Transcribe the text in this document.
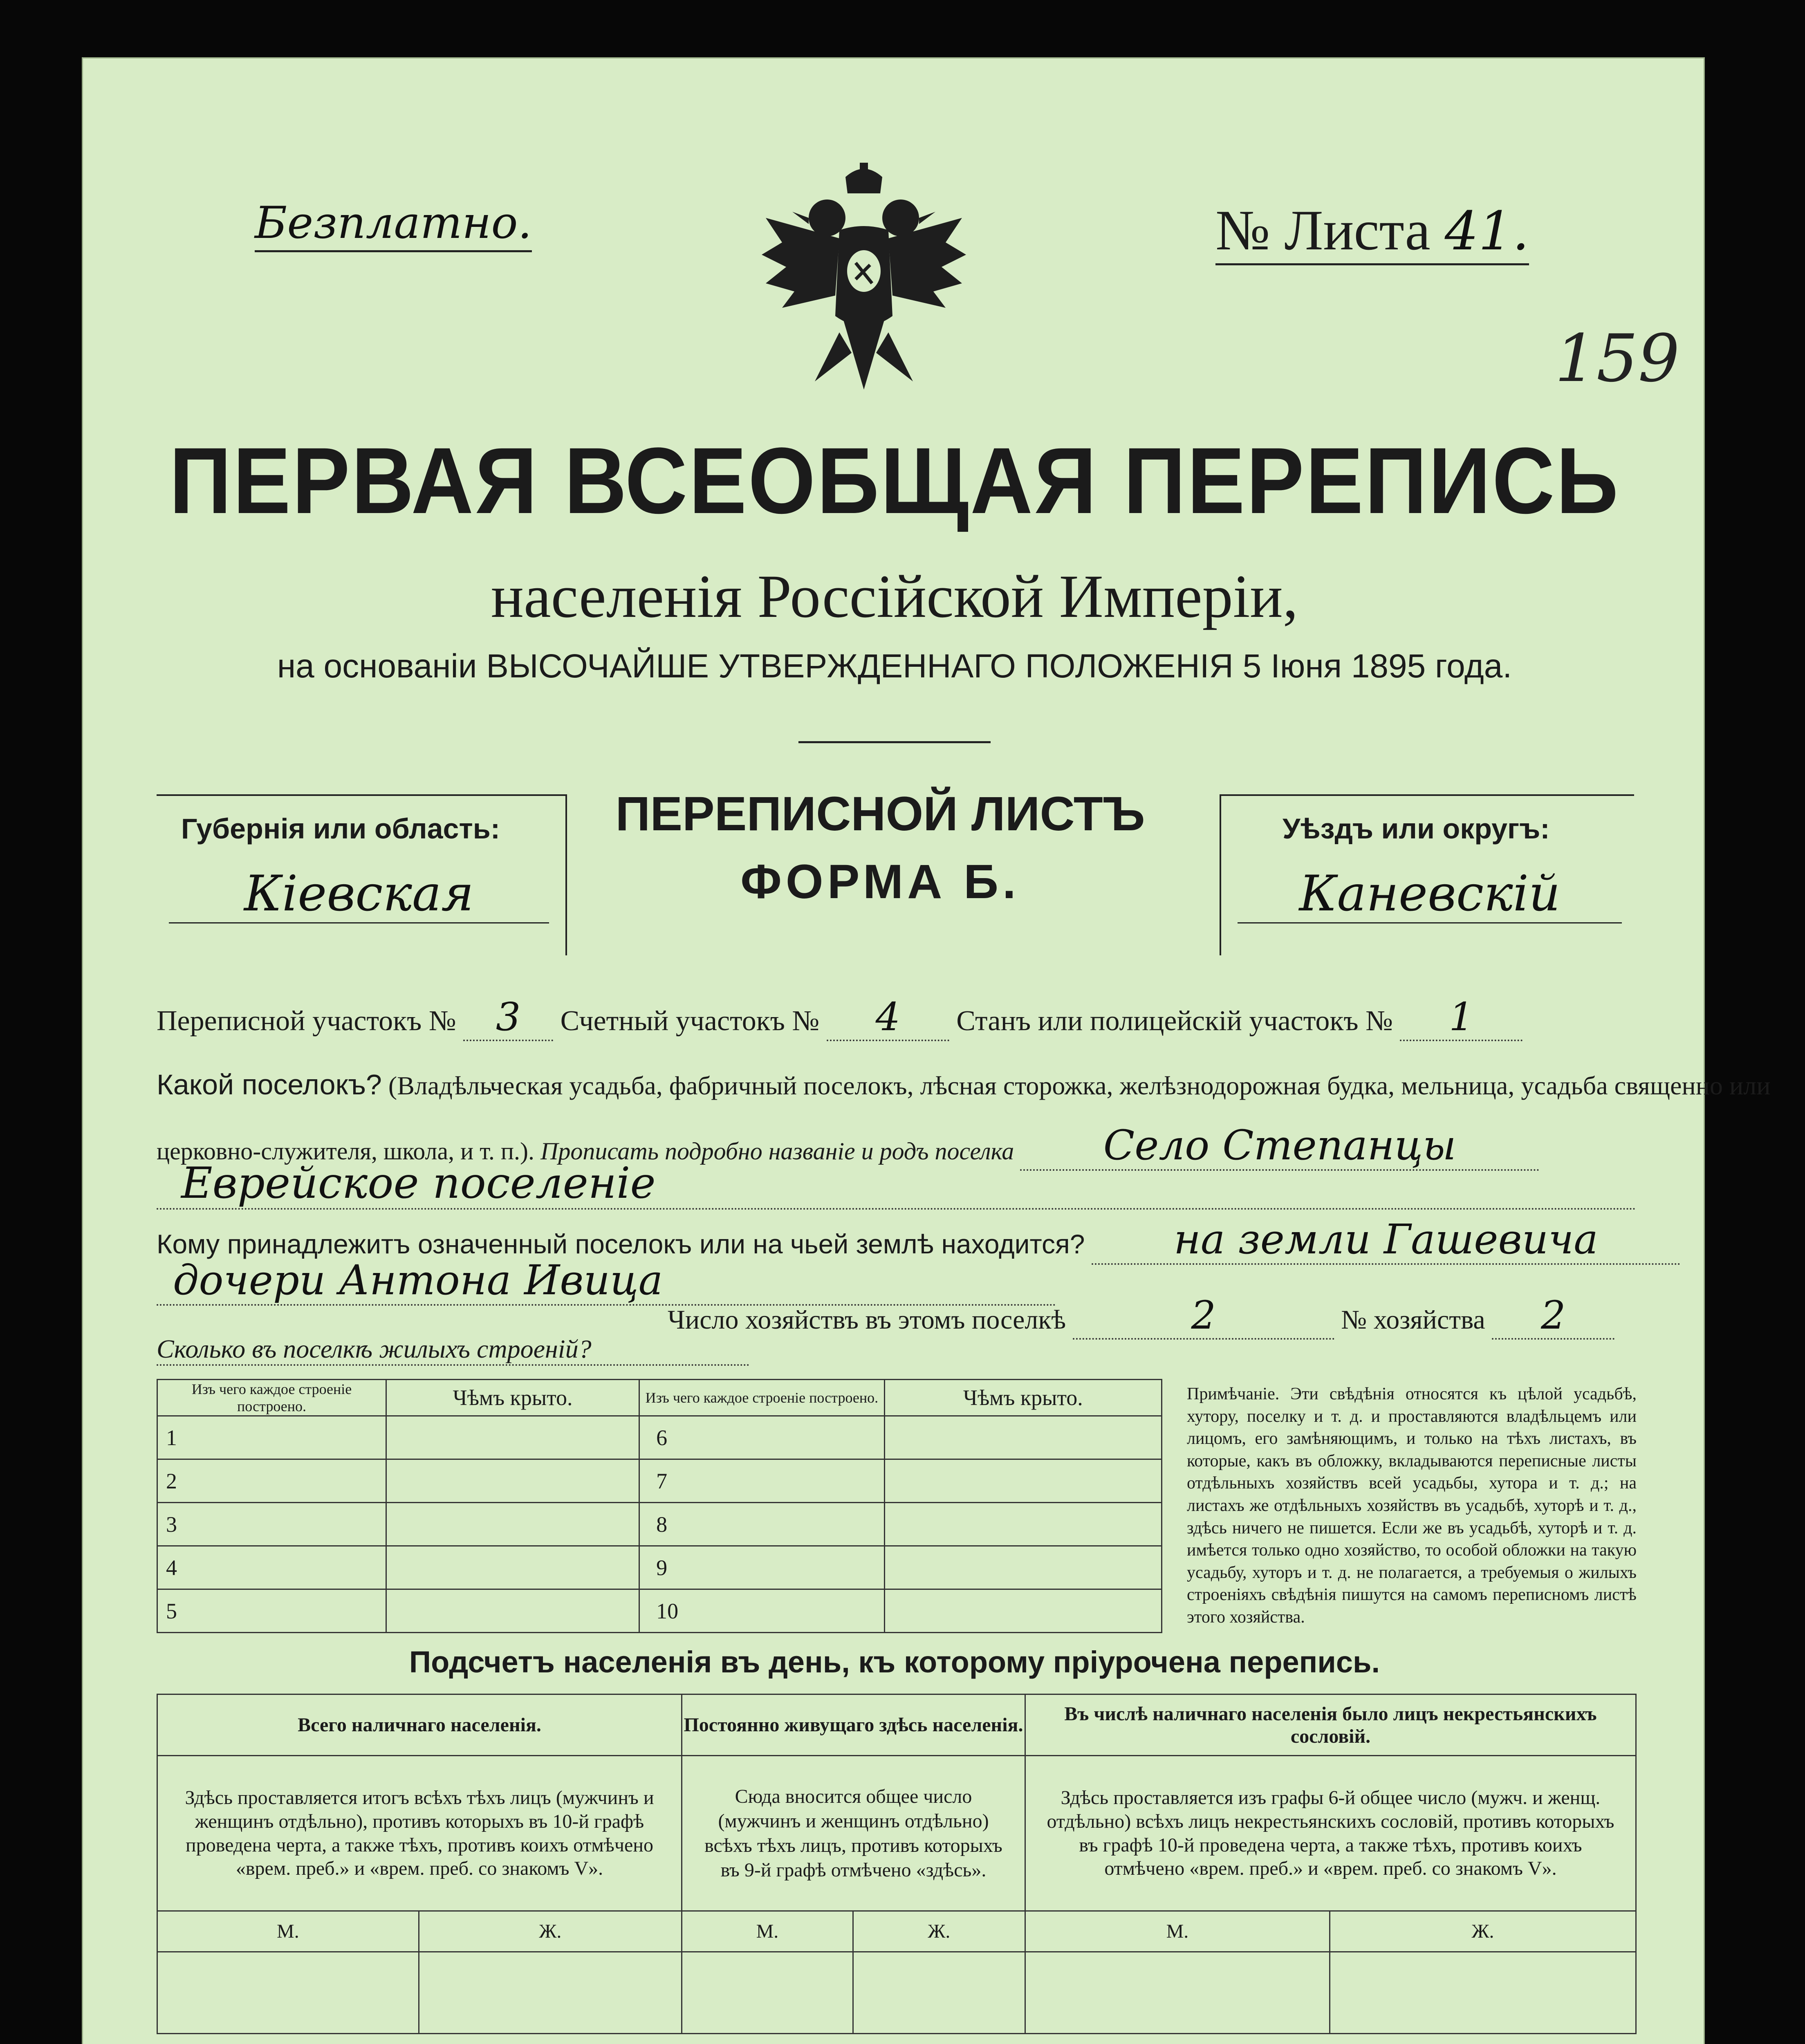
Безплатно.	№ Листа 41.
159
ПЕРВАЯ ВСЕОБЩАЯ ПЕРЕПИСЬ
населенія Россійской Имперіи,
на основаніи ВЫСОЧАЙШЕ УТВЕРЖДЕННАГО ПОЛОЖЕНІЯ 5 Іюня 1895 года.
Губернія или область:
Кіевская
ПЕРЕПИСНОЙ ЛИСТЪ
ФОРМА Б.
Уѣздъ или округъ:
Каневскій
Переписной участокъ № 3 Счетный участокъ № 4 Станъ или полицейскій участокъ № 1
Какой поселокъ? (Владѣльческая усадьба, фабричный поселокъ, лѣсная сторожка, желѣзнодорожная будка, мельница, усадьба священно или
церковно-служителя, школа, и т. п.). Прописать подробно названіе и родъ поселка Село Степанцы
Еврейское поселеніе
Кому принадлежитъ означенный поселокъ или на чьей землѣ находится? на земли Гашевича
дочери Антона Ивица
Число хозяйствъ въ этомъ поселкѣ	2	№ хозяйства 2
Сколько въ поселкѣ жилыхъ строеній?
Изъ чего каждое строеніе построено.	Чѣмъ крыто.	Изъ чего каждое строеніе построено.	Чѣмъ крыто.
1		6	
2		7	
3		8	
4		9	
5		10	
Примѣчаніе. Эти свѣдѣнія относятся къ цѣлой усадьбѣ, хутору, поселку и т. д. и проставляются владѣльцемъ или лицомъ, его замѣняющимъ, и только на тѣхъ листахъ, въ которые, какъ въ обложку, вкладываются переписные листы отдѣльныхъ хозяйствъ всей усадьбы, хутора и т. д.; на листахъ же отдѣльныхъ хозяйствъ въ усадьбѣ, хуторѣ и т. д., здѣсь ничего не пишется. Если же въ усадьбѣ, хуторѣ и т. д. имѣется только одно хозяйство, то особой обложки на такую усадьбу, хуторъ и т. д. не полагается, а требуемыя о жилыхъ строеніяхъ свѣдѣнія пишутся на самомъ переписномъ листѣ этого хозяйства.
Подсчетъ населенія въ день, къ которому пріурочена перепись.
Всего наличнаго населенія.		Постоянно живущаго здѣсь населенія.		Въ числѣ наличнаго населенія было лицъ некрестьянскихъ сословій.	
Здѣсь проставляется итогъ всѣхъ тѣхъ лицъ (мужчинъ и женщинъ отдѣльно), противъ которыхъ въ 10-й графѣ проведена черта, а также тѣхъ, противъ коихъ отмѣчено «врем. преб.» и «врем. преб. со знакомъ V».		Сюда вносится общее число (мужчинъ и женщинъ отдѣльно) всѣхъ тѣхъ лицъ, противъ которыхъ въ 9-й графѣ отмѣчено «здѣсь».		Здѣсь проставляется изъ графы 6-й общее число (мужч. и женщ. отдѣльно) всѣхъ лицъ некрестьянскихъ сословій, противъ которыхъ въ графѣ 10-й проведена черта, а также тѣхъ, противъ коихъ отмѣчено «врем. преб.» и «врем. преб. со знакомъ V».	
М.	Ж.	М.	Ж.	М.	Ж.
